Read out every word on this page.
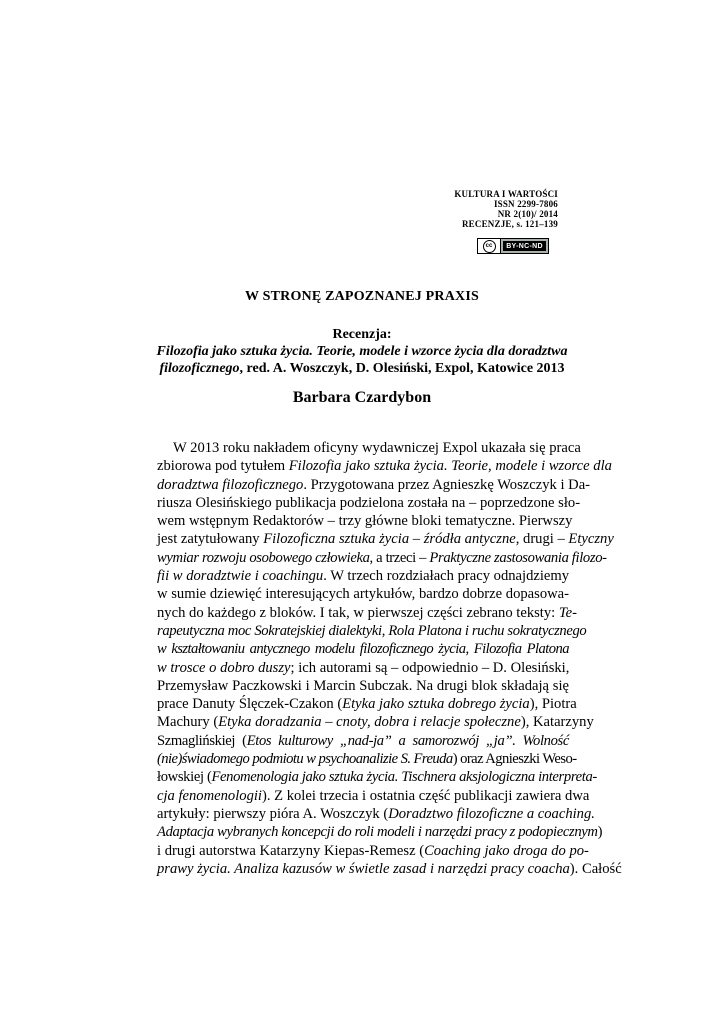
KULTURA I WARTOŚCI
ISSN 2299-7806
NR 2(10)/ 2014
RECENZJE, s. 121–139
cc	BY-NC-ND
W STRONĘ ZAPOZNANEJ PRAXIS
Recenzja:
Filozofia jako sztuka życia. Teorie, modele i wzorce życia dla doradztwa
filozoficznego, red. A. Woszczyk, D. Olesiński, Expol, Katowice 2013
Barbara Czardybon
W 2013 roku nakładem oficyny wydawniczej Expol ukazała się praca
zbiorowa pod tytułem Filozofia jako sztuka życia. Teorie, modele i wzorce dla
doradztwa filozoficznego. Przygotowana przez Agnieszkę Woszczyk i Da-
riusza Olesińskiego publikacja podzielona została na – poprzedzone sło-
wem wstępnym Redaktorów – trzy główne bloki tematyczne. Pierwszy
jest zatytułowany Filozoficzna sztuka życia – źródła antyczne, drugi – Etyczny
wymiar rozwoju osobowego człowieka, a trzeci – Praktyczne zastosowania filozo-
fii w doradztwie i coachingu. W trzech rozdziałach pracy odnajdziemy
w sumie dziewięć interesujących artykułów, bardzo dobrze dopasowa-
nych do każdego z bloków. I tak, w pierwszej części zebrano teksty: Te-
rapeutyczna moc Sokratejskiej dialektyki, Rola Platona i ruchu sokratycznego
w kształtowaniu antycznego modelu filozoficznego życia, Filozofia Platona
w trosce o dobro duszy; ich autorami są – odpowiednio – D. Olesiński,
Przemysław Paczkowski i Marcin Subczak. Na drugi blok składają się
prace Danuty Ślęczek-Czakon (Etyka jako sztuka dobrego życia), Piotra
Machury (Etyka doradzania – cnoty, dobra i relacje społeczne), Katarzyny
Szmaglińskiej (Etos kulturowy „nad-ja” a samorozwój „ja”. Wolność
(nie)świadomego podmiotu w psychoanalizie S. Freuda) oraz Agnieszki Weso-
łowskiej (Fenomenologia jako sztuka życia. Tischnera aksjologiczna interpreta-
cja fenomenologii). Z kolei trzecia i ostatnia część publikacji zawiera dwa
artykuły: pierwszy pióra A. Woszczyk (Doradztwo filozoficzne a coaching.
Adaptacja wybranych koncepcji do roli modeli i narzędzi pracy z podopiecznym)
i drugi autorstwa Katarzyny Kiepas-Remesz (Coaching jako droga do po-
prawy życia. Analiza kazusów w świetle zasad i narzędzi pracy coacha). Całość
